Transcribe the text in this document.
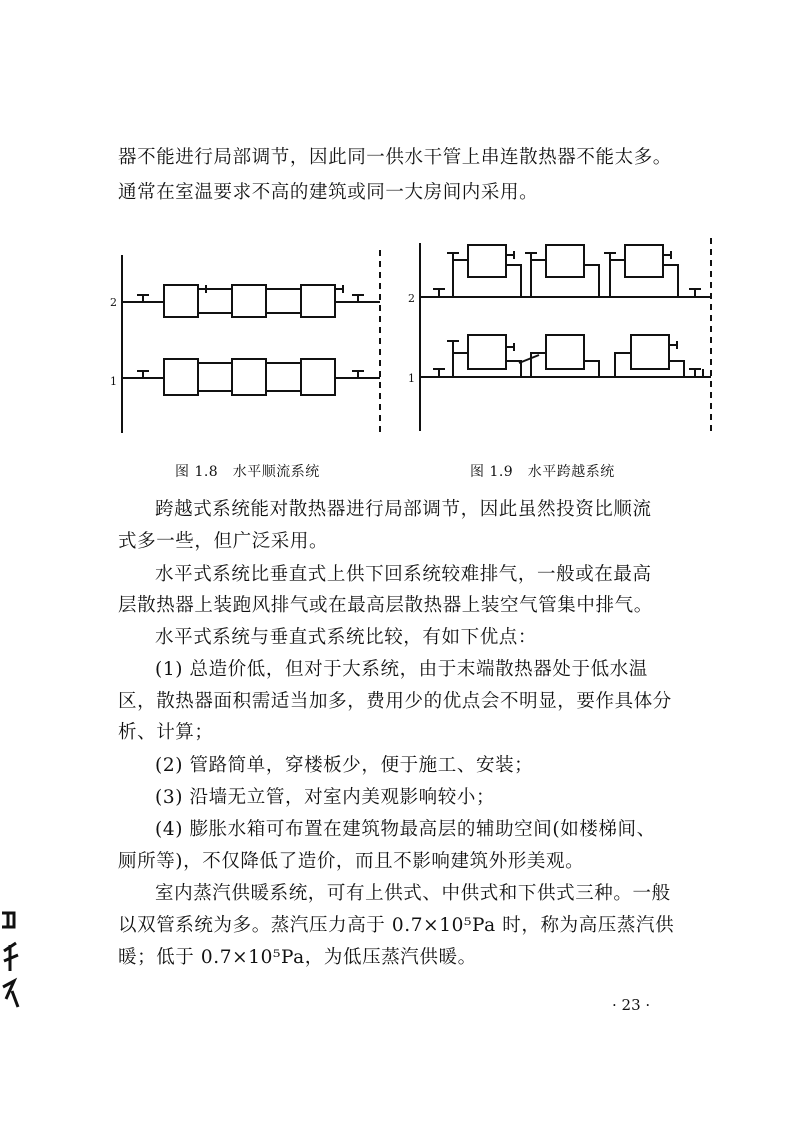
器不能进行局部调节，因此同一供水干管上串连散热器不能太多。
通常在室温要求不高的建筑或同一大房间内采用。
2
1
2
1
图 1.8　水平顺流系统	图 1.9　水平跨越系统
跨越式系统能对散热器进行局部调节，因此虽然投资比顺流
式多一些，但广泛采用。
水平式系统比垂直式上供下回系统较难排气，一般或在最高
层散热器上装跑风排气或在最高层散热器上装空气管集中排气。
水平式系统与垂直式系统比较，有如下优点：
(1) 总造价低，但对于大系统，由于末端散热器处于低水温
区，散热器面积需适当加多，费用少的优点会不明显，要作具体分
析、计算；
(2) 管路简单，穿楼板少，便于施工、安装；
(3) 沿墙无立管，对室内美观影响较小；
(4) 膨胀水箱可布置在建筑物最高层的辅助空间(如楼梯间、
厕所等)，不仅降低了造价，而且不影响建筑外形美观。
室内蒸汽供暖系统，可有上供式、中供式和下供式三种。一般
以双管系统为多。蒸汽压力高于 0.7×10⁵Pa 时，称为高压蒸汽供
暖；低于 0.7×10⁵Pa，为低压蒸汽供暖。
· 23 ·
